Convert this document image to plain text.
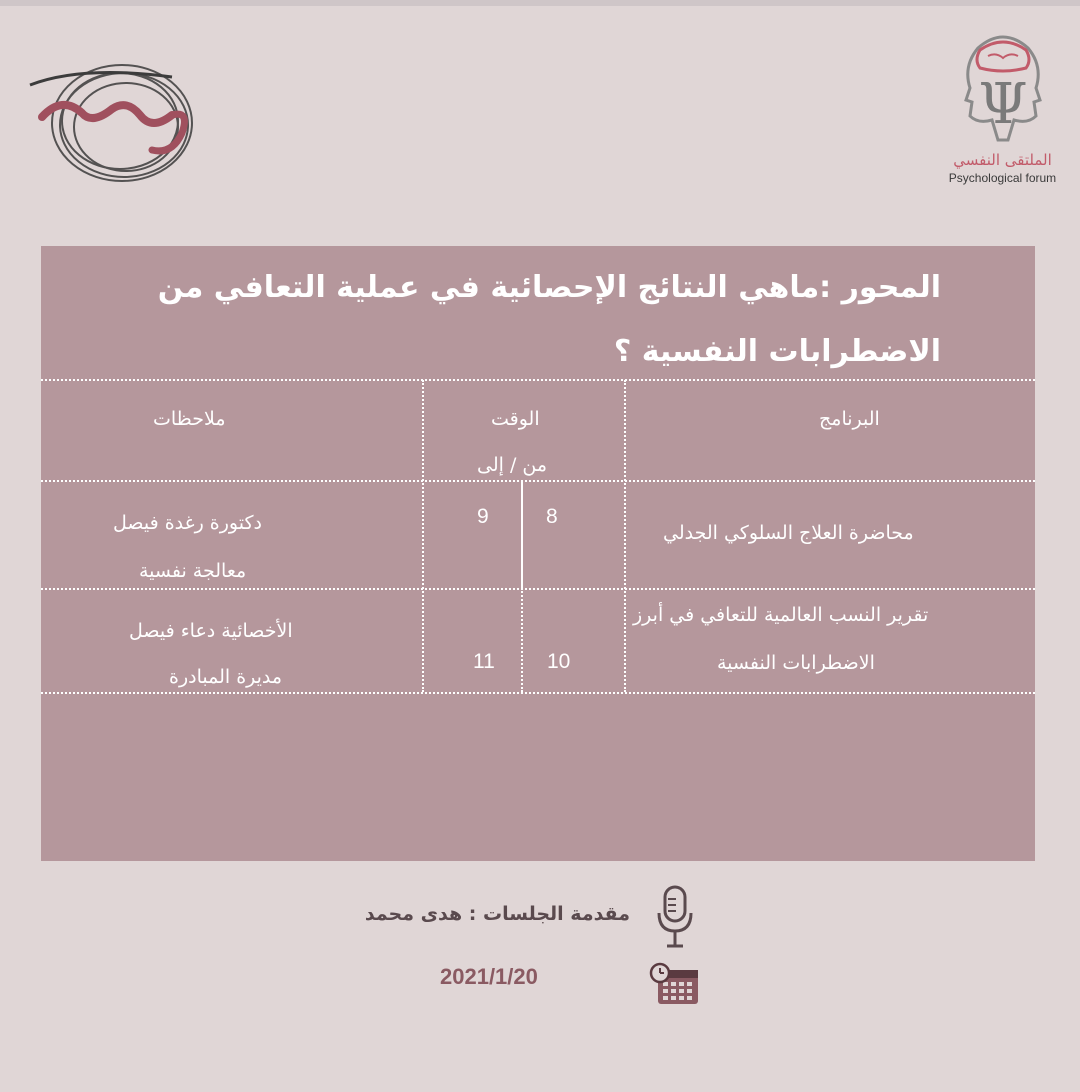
Ψ
الملتقى النفسي
Psychological forum
المحور :ماهي النتائج الإحصائية في عملية التعافي من
الاضطرابات النفسية ؟
البرنامج
الوقت
من / إلى
ملاحظات
محاضرة العلاج السلوكي الجدلي
8
9
دكتورة رغدة فيصل
معالجة نفسية
تقرير النسب العالمية للتعافي في أبرز
الاضطرابات النفسية
10
11
الأخصائية دعاء فيصل
مديرة المبادرة
مقدمة الجلسات : هدى محمد
2021/1/20
